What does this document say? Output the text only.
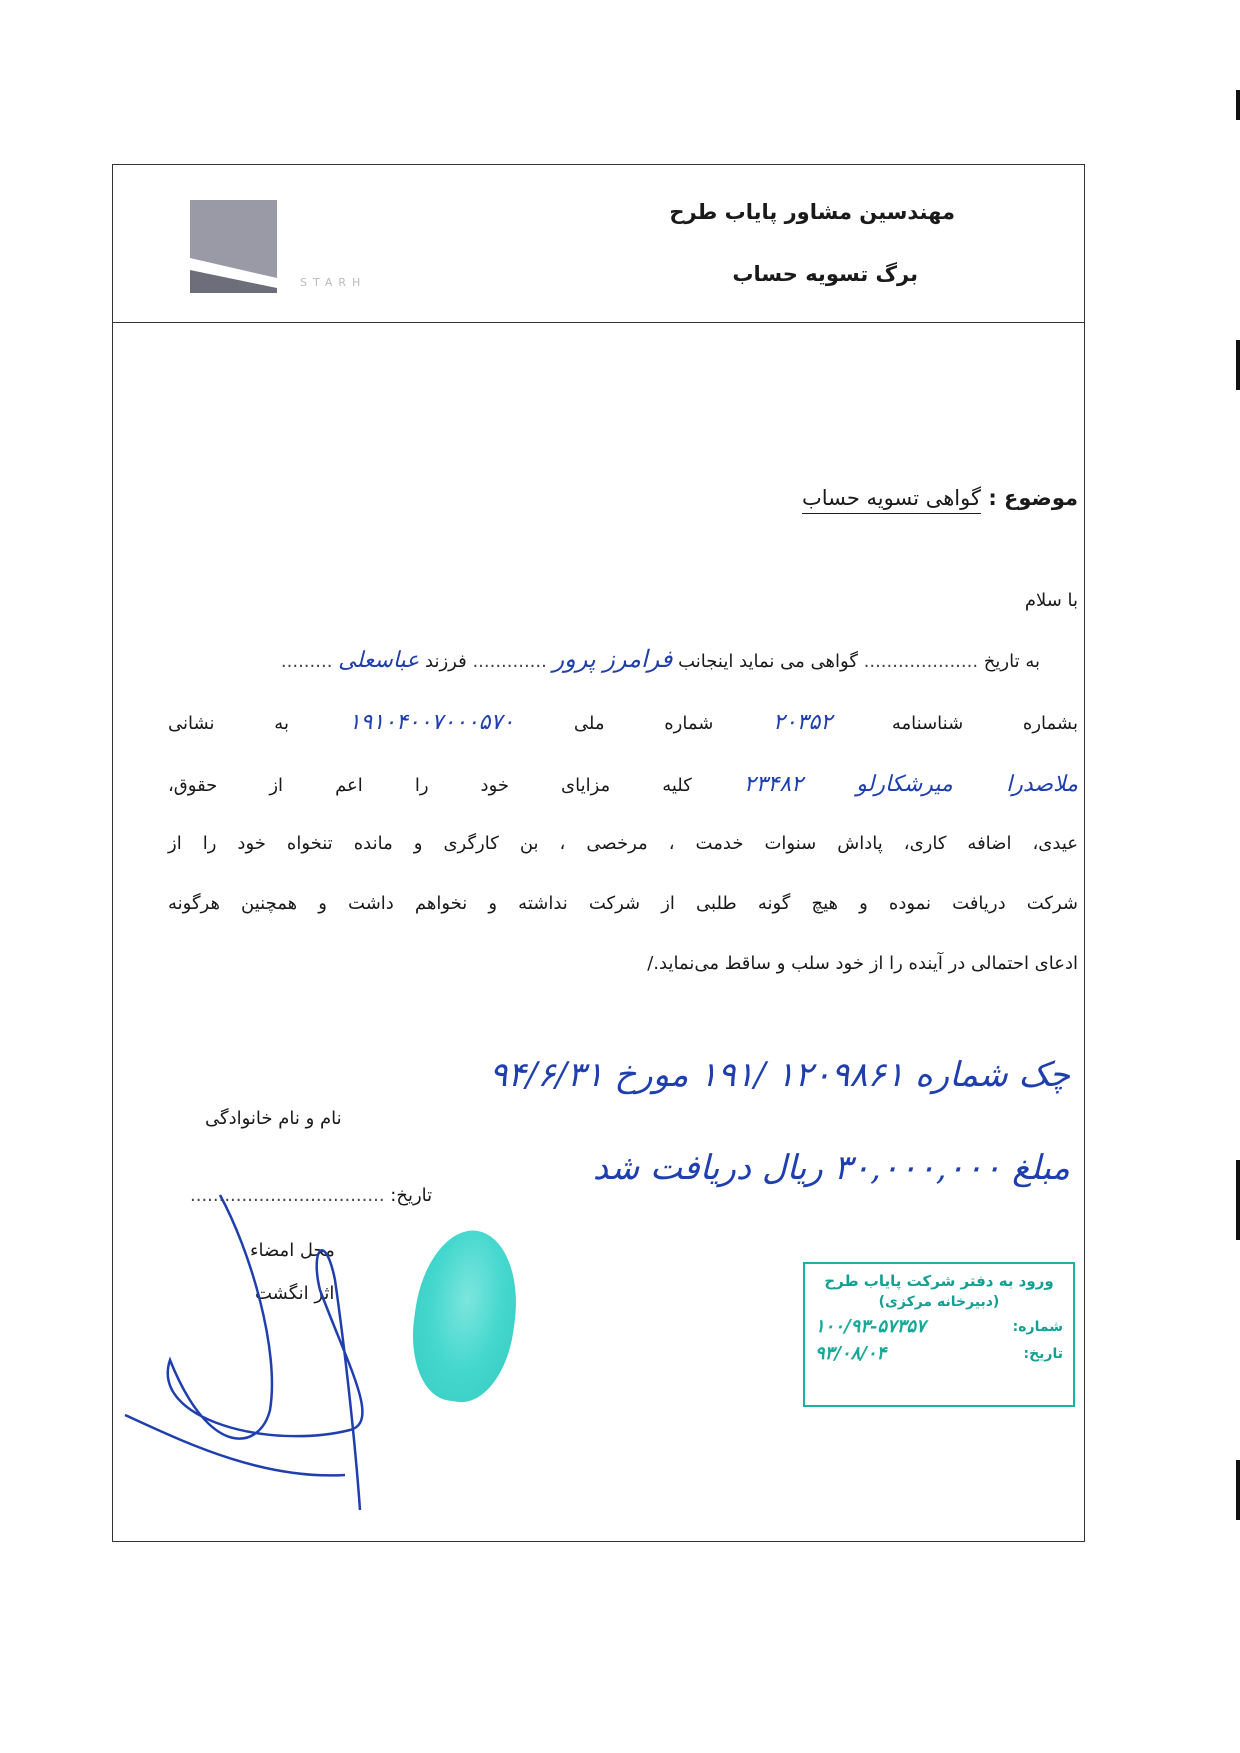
STARH
مهندسین مشاور پایاب طرح
برگ تسویه حساب
موضوع : گواهی تسویه حساب
با سلام
به تاریخ .................... گواهی می نماید اینجانب فرامرز پرور ............. فرزند عباسعلی .........
بشماره شناسنامه ۲۰۳۵۲ شماره ملی ۱۹۱۰۴۰۰۷۰۰۰۵۷۰ به نشانی
ملاصدرا میرشکارلو ۲۳۴۸۲ کلیه مزایای خود را اعم از حقوق،
عیدی، اضافه کاری، پاداش سنوات خدمت ، مرخصی ، بن کارگری و مانده تنخواه خود را از
شرکت دریافت نموده و هیچ گونه طلبی از شرکت نداشته و نخواهم داشت و همچنین هرگونه
ادعای احتمالی در آینده را از خود سلب و ساقط می‌نماید./
چک شماره ۱۲۰۹۸۶۱ /۱۹۱ مورخ ۹۴/۶/۳۱
مبلغ ۳۰,۰۰۰,۰۰۰ ریال دریافت شد
نام و نام خانوادگی
تاریخ: ..................................
محل امضاء
اثر انگشت
ورود به دفتر شرکت پایاب طرح
(دبیرخانه مرکزی)
شماره:
۱۰۰/۹۳-۵۷۳۵۷
تاریخ:
۹۳/۰۸/۰۴
